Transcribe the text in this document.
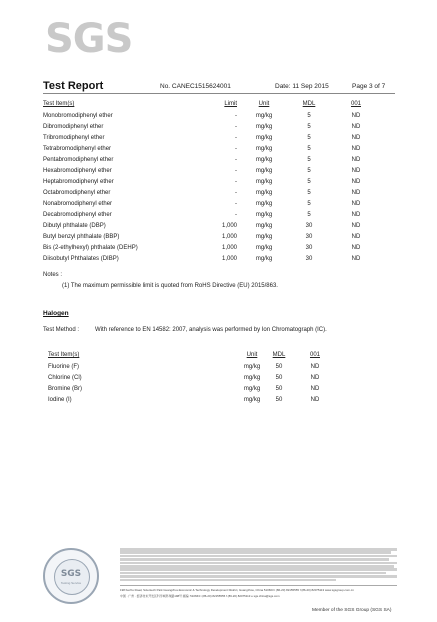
SGS
Test Report	No. CANEC1515624001	Date: 11 Sep 2015	Page 3 of 7
Test Item(s)	Limit	Unit	MDL	001
Monobromodiphenyl ether	-	mg/kg	5	ND
Dibromodiphenyl ether	-	mg/kg	5	ND
Tribromodiphenyl ether	-	mg/kg	5	ND
Tetrabromodiphenyl ether	-	mg/kg	5	ND
Pentabromodiphenyl ether	-	mg/kg	5	ND
Hexabromodiphenyl ether	-	mg/kg	5	ND
Heptabromodiphenyl ether	-	mg/kg	5	ND
Octabromodiphenyl ether	-	mg/kg	5	ND
Nonabromodiphenyl ether	-	mg/kg	5	ND
Decabromodiphenyl ether	-	mg/kg	5	ND
Dibutyl phthalate (DBP)	1,000	mg/kg	30	ND
Butyl benzyl phthalate (BBP)	1,000	mg/kg	30	ND
Bis (2-ethylhexyl) phthalate (DEHP)	1,000	mg/kg	30	ND
Diisobutyl Phthalates (DIBP)	1,000	mg/kg	30	ND
Notes :
(1) The maximum permissible limit is quoted from RoHS Directive (EU) 2015/863.
Halogen
Test Method :	With reference to EN 14582: 2007, analysis was performed by Ion Chromatograph (IC).
Test Item(s)	Unit	MDL	001
Fluorine (F)	mg/kg	50	ND
Chlorine (Cl)	mg/kg	50	ND
Bromine (Br)	mg/kg	50	ND
Iodine (I)	mg/kg	50	ND
SGS
Testing Service
198 Kezhu Road, Scientech Park Guangzhou Economic & Technology Development District, Guangzhou, China 510663 t (86-20) 82155555 f (86-20) 82075113 www.sgsgroup.com.cn
中国 · 广州 · 经济技术开发区科学城科珠路198号 邮编: 510663 t (86-20) 82155555 f (86-20) 82075113 e sgs.china@sgs.com
Member of the SGS Group (SGS SA)
